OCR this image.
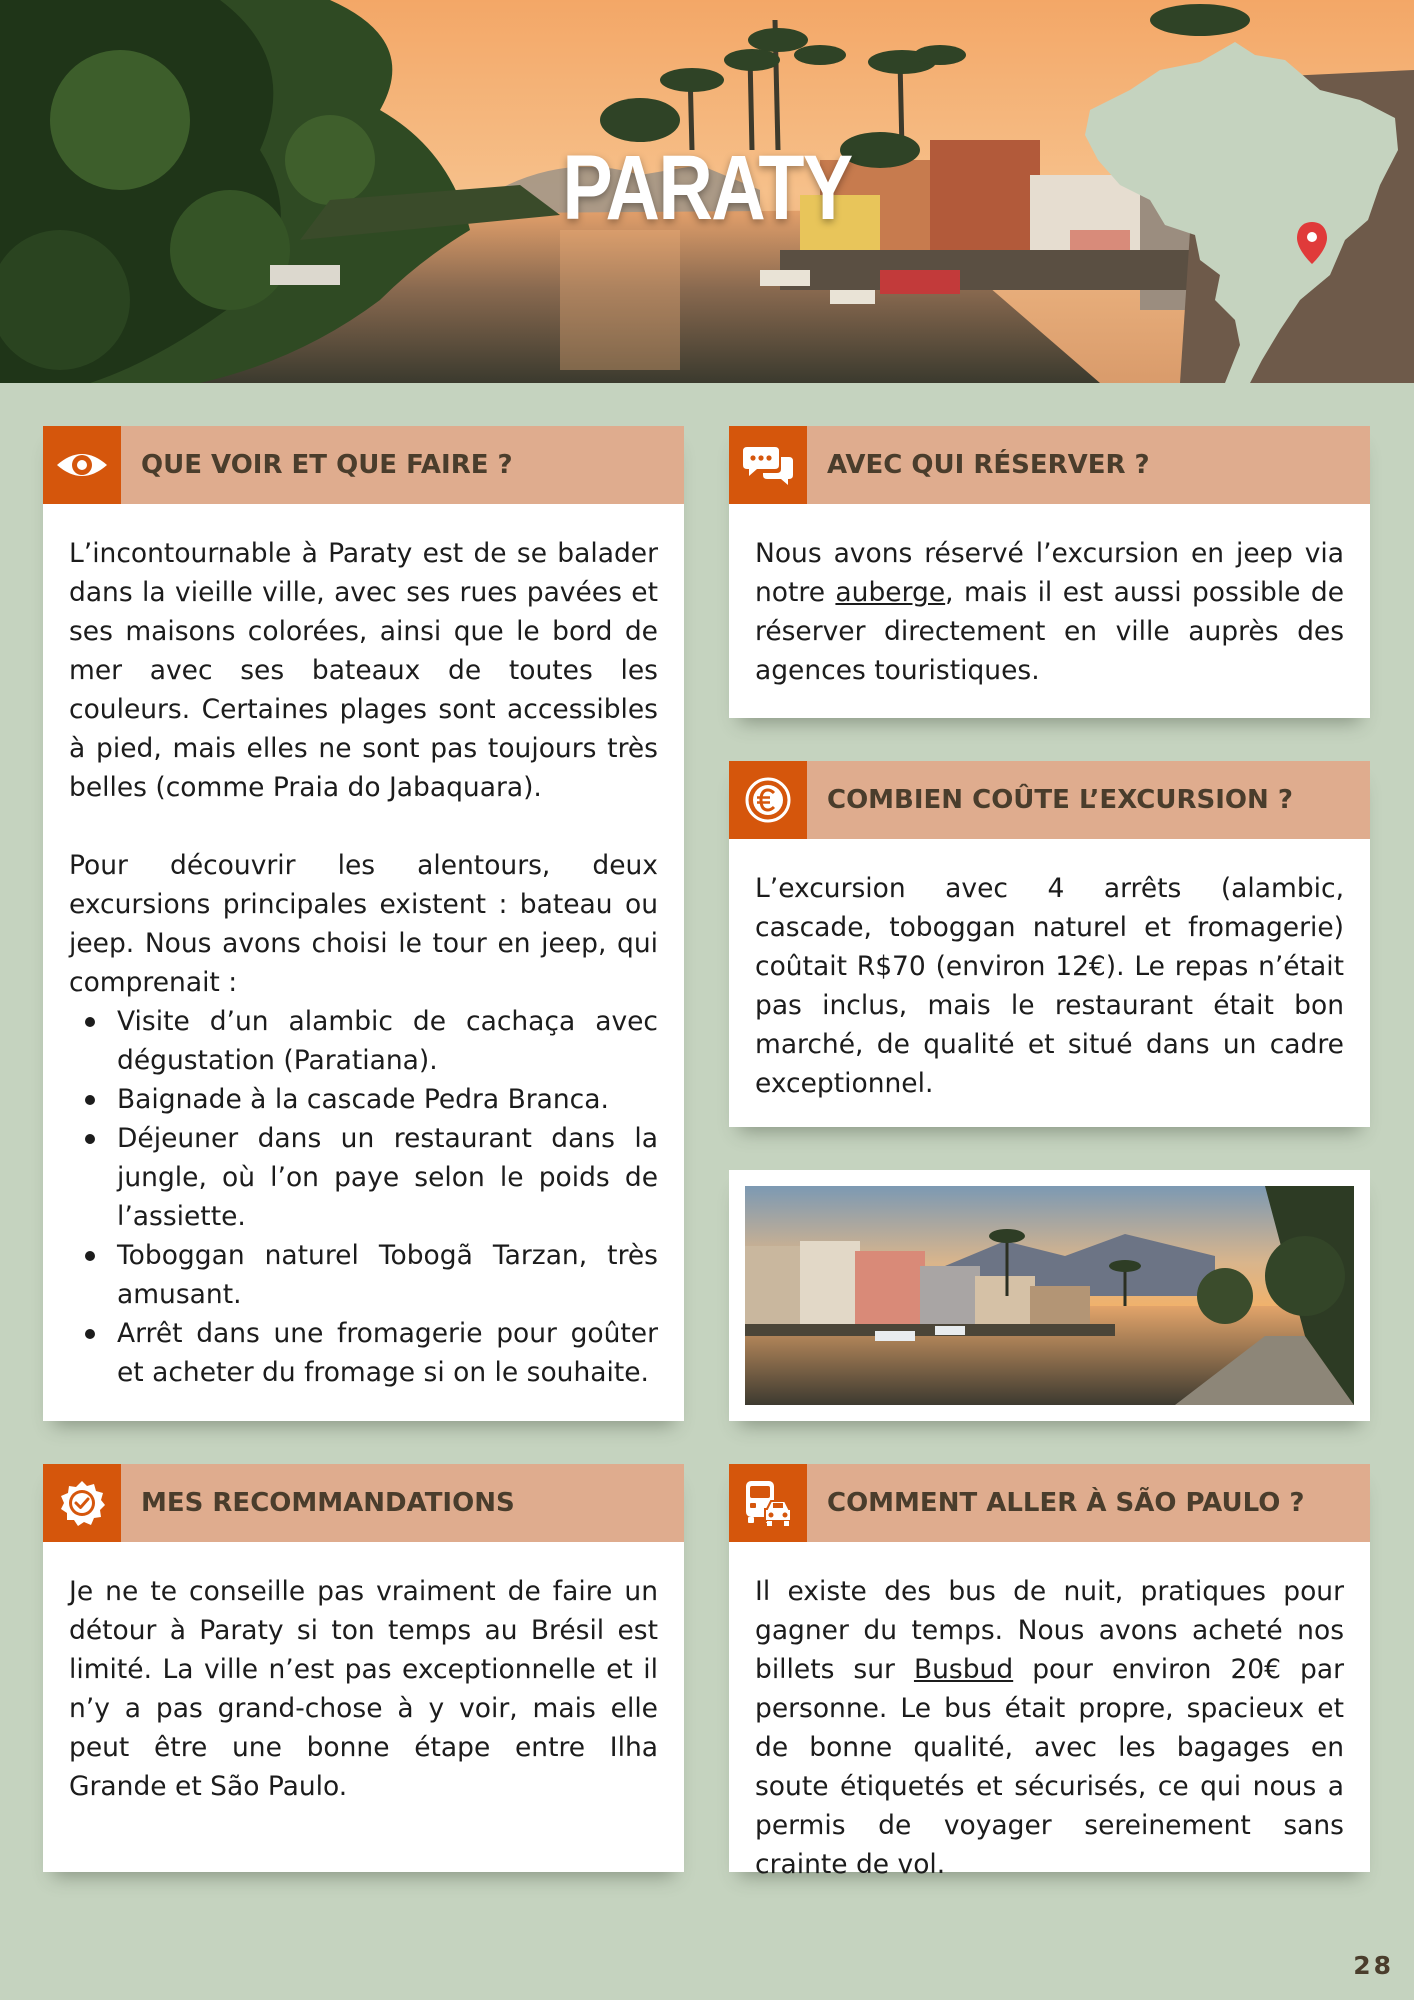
PARATY
QUE VOIR ET QUE FAIRE ?

L’incontournable à Paraty est de se balader dans la vieille ville, avec ses rues pavées et ses maisons colorées, ainsi que le bord de mer avec ses bateaux de toutes les couleurs. Certaines plages sont accessibles à pied, mais elles ne sont pas toujours très belles (comme Praia do Jabaquara).

Pour découvrir les alentours, deux excursions principales existent : bateau ou jeep. Nous avons choisi le tour en jeep, qui comprenait :

Visite d’un alambic de cachaça avec dégustation (Paratiana).
Baignade à la cascade Pedra Branca.
Déjeuner dans un restaurant dans la jungle, où l’on paye selon le poids de l’assiette.
Toboggan naturel Tobogã Tarzan, très amusant.
Arrêt dans une fromagerie pour goûter et acheter du fromage si on le souhaite.
AVEC QUI RÉSERVER ?

Nous avons réservé l’excursion en jeep via notre auberge, mais il est aussi possible de réserver directement en ville auprès des agences touristiques.

COMBIEN COÛTE L’EXCURSION ?

L’excursion avec 4 arrêts (alambic, cascade, toboggan naturel et fromagerie) coûtait R$70 (environ 12€). Le repas n’était pas inclus, mais le restaurant était bon marché, de qualité et situé dans un cadre exceptionnel.

MES RECOMMANDATIONS

Je ne te conseille pas vraiment de faire un détour à Paraty si ton temps au Brésil est limité. La ville n’est pas exceptionnelle et il n’y a pas grand-chose à y voir, mais elle peut être une bonne étape entre Ilha Grande et São Paulo.

COMMENT ALLER À SÃO PAULO ?

Il existe des bus de nuit, pratiques pour gagner du temps. Nous avons acheté nos billets sur Busbud pour environ 20€ par personne. Le bus était propre, spacieux et de bonne qualité, avec les bagages en soute étiquetés et sécurisés, ce qui nous a permis de voyager sereinement sans crainte de vol.

28
